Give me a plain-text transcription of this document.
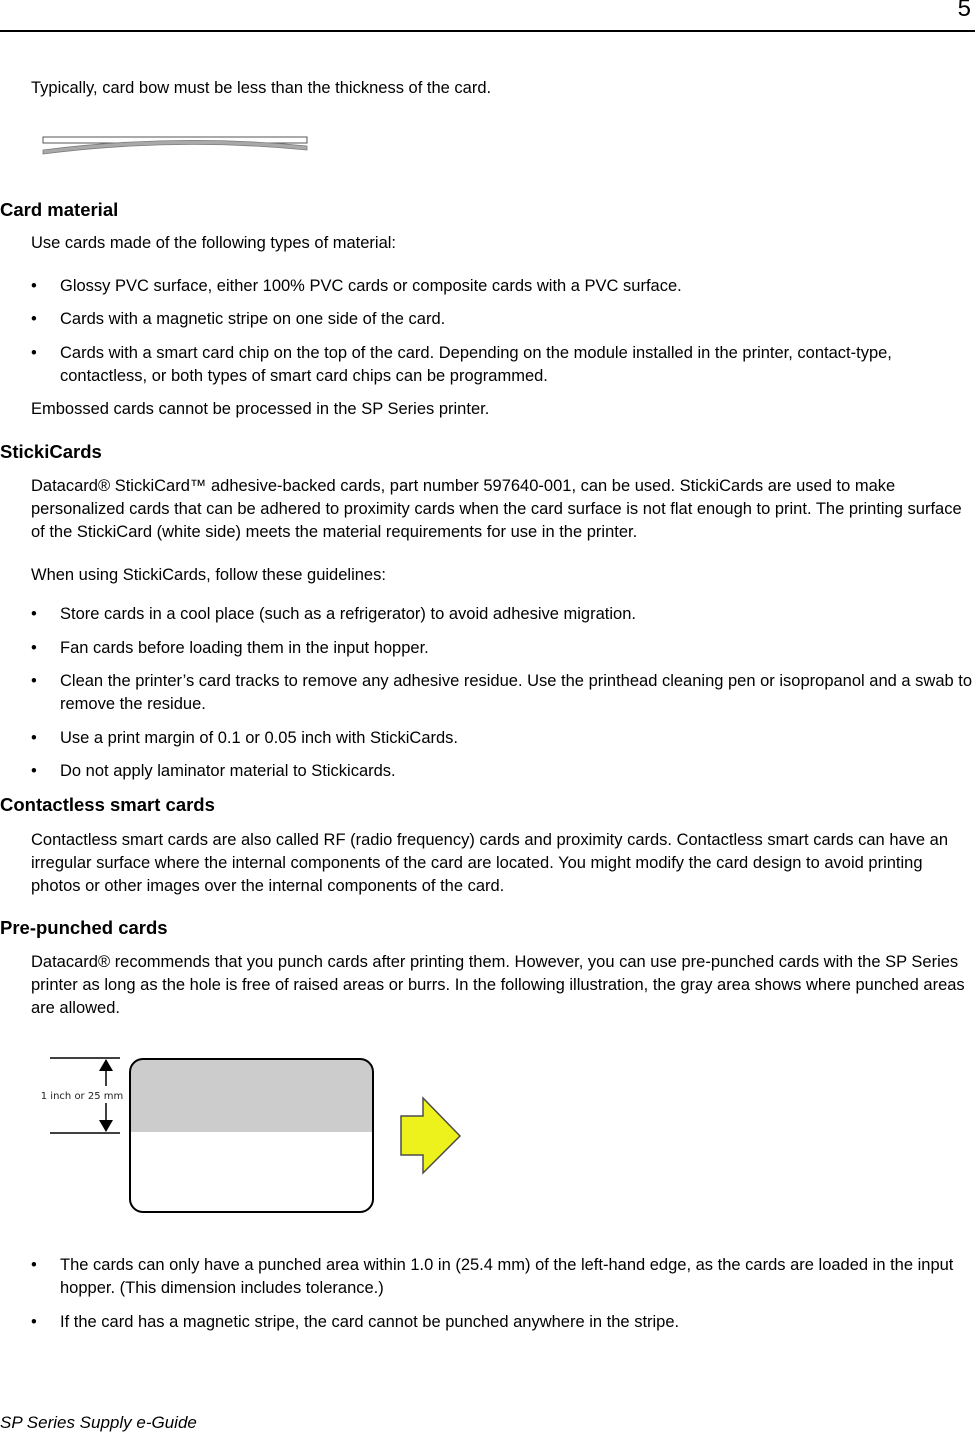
5
Typically, card bow must be less than the thickness of the card.
Card material
Use cards made of the following types of material:
• Glossy PVC surface, either 100% PVC cards or composite cards with a PVC surface.
• Cards with a magnetic stripe on one side of the card.
• Cards with a smart card chip on the top of the card. Depending on the module installed in the printer, contact-type, contactless, or both types of smart card chips can be programmed.
Embossed cards cannot be processed in the SP Series printer.
StickiCards
Datacard® StickiCard™ adhesive-backed cards, part number 597640-001, can be used. StickiCards are used to make personalized cards that can be adhered to proximity cards when the card surface is not flat enough to print. The printing surface of the StickiCard (white side) meets the material requirements for use in the printer.
When using StickiCards, follow these guidelines:
• Store cards in a cool place (such as a refrigerator) to avoid adhesive migration.
• Fan cards before loading them in the input hopper.
• Clean the printer’s card tracks to remove any adhesive residue. Use the printhead cleaning pen or isopropanol and a swab to remove the residue.
• Use a print margin of 0.1 or 0.05 inch with StickiCards.
• Do not apply laminator material to Stickicards.
Contactless smart cards
Contactless smart cards are also called RF (radio frequency) cards and proximity cards. Contactless smart cards can have an irregular surface where the internal components of the card are located. You might modify the card design to avoid printing photos or other images over the internal components of the card.
Pre-punched cards
Datacard® recommends that you punch cards after printing them. However, you can use pre-punched cards with the SP Series printer as long as the hole is free of raised areas or burrs. In the following illustration, the gray area shows where punched areas are allowed.
1 inch or 25 mm
• The cards can only have a punched area within 1.0 in (25.4 mm) of the left-hand edge, as the cards are loaded in the input hopper. (This dimension includes tolerance.)
• If the card has a magnetic stripe, the card cannot be punched anywhere in the stripe.
SP Series Supply e-Guide
